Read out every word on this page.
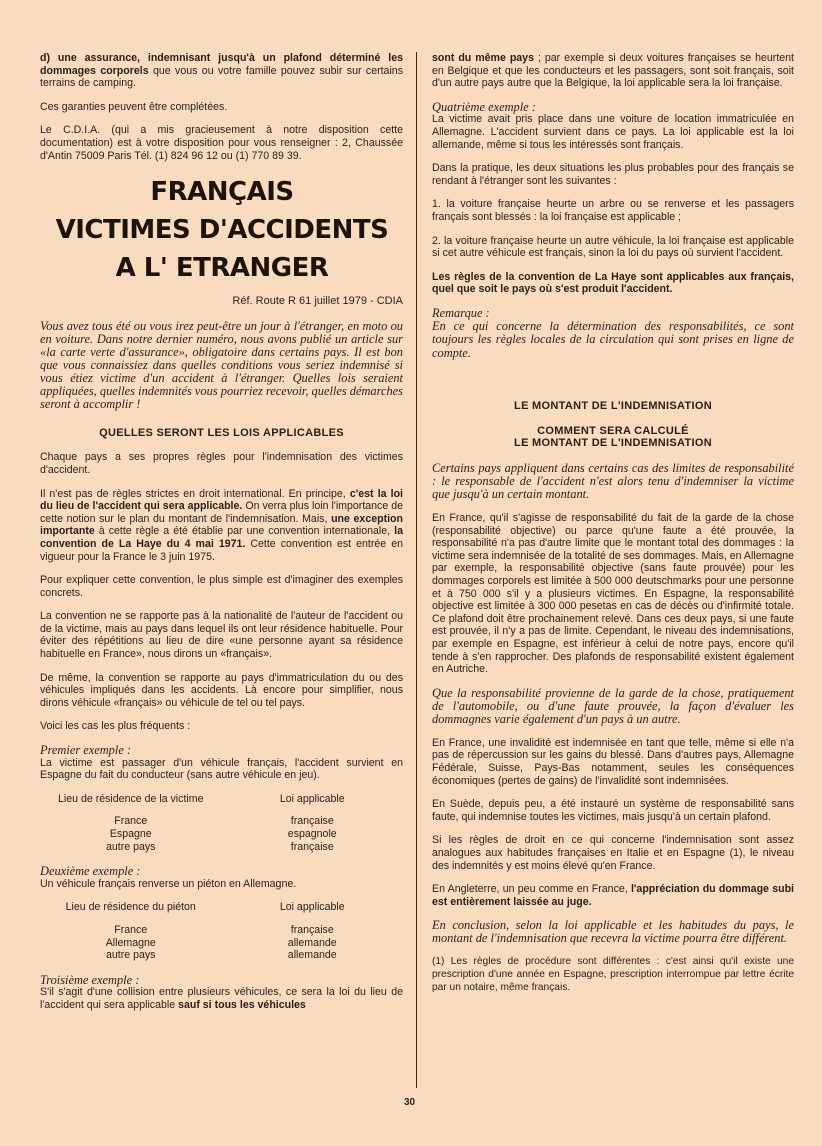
d) une assurance, indemnisant jusqu'à un plafond déterminé les dommages corporels que vous ou votre famille pouvez subir sur certains terrains de camping.

Ces garanties peuvent être complétées.

Le C.D.I.A. (qui a mis gracieusement à notre disposition cette documentation) est à votre disposition pour vous renseigner : 2, Chaussée d'Antin 75009 Paris Tél. (1) 824 96 12 ou (1) 770 89 39.

FRANÇAIS
VICTIMES D'ACCIDENTS
A L' ETRANGER
Réf. Route R 61 juillet 1979 - CDIA

Vous avez tous été ou vous irez peut-être un jour à l'étranger, en moto ou en voiture. Dans notre dernier numéro, nous avons publié un article sur «la carte verte d'assurance», obligatoire dans certains pays. Il est bon que vous connaissiez dans quelles conditions vous seriez indemnisé si vous étiez victime d'un accident à l'étranger. Quelles lois seraient appliquées, quelles indemnités vous pourriez recevoir, quelles démarches seront à accomplir !

QUELLES SERONT LES LOIS APPLICABLES

Chaque pays a ses propres règles pour l'indemnisation des victimes d'accident.

Il n'est pas de règles strictes en droit international. En principe, c'est la loi du lieu de l'accident qui sera applicable. On verra plus loin l'importance de cette notion sur le plan du montant de l'indemnisation. Mais, une exception importante à cette règle a été établie par une convention internationale, la convention de La Haye du 4 mai 1971. Cette convention est entrée en vigueur pour la France le 3 juin 1975.

Pour expliquer cette convention, le plus simple est d'imaginer des exemples concrets.

La convention ne se rapporte pas à la nationalité de l'auteur de l'accident ou de la victime, mais au pays dans lequel ils ont leur résidence habituelle. Pour éviter des répétitions au lieu de dire «une personne ayant sa résidence habituelle en France», nous dirons un «français».

De même, la convention se rapporte au pays d'immatriculation du ou des véhicules impliqués dans les accidents. Là encore pour simplifier, nous dirons véhicule «français» ou véhicule de tel ou tel pays.

Voici les cas les plus fréquents :

Premier exemple :
La victime est passager d'un véhicule français, l'accident survient en Espagne du fait du conducteur (sans autre véhicule en jeu).

Lieu de résidence de la victime	Loi applicable
France	française
Espagne	espagnole
autre pays	française

Deuxième exemple :
Un véhicule français renverse un piéton en Allemagne.

Lieu de résidence du piéton	Loi applicable
France	française
Allemagne	allemande
autre pays	allemande

Troisième exemple :
S'il s'agit d'une collision entre plusieurs véhicules, ce sera la loi du lieu de l'accident qui sera applicable sauf si tous les véhicules

sont du même pays ; par exemple si deux voitures françaises se heurtent en Belgique et que les conducteurs et les passagers, sont soit français, soit d'un autre pays autre que la Belgique, la loi applicable sera la loi française.

Quatrième exemple :
La victime avait pris place dans une voiture de location immatriculée en Allemagne. L'accident survient dans ce pays. La loi applicable est la loi allemande, même si tous les intéressés sont français.

Dans la pratique, les deux situations les plus probables pour des français se rendant à l'étranger sont les suivantes :

1. la voiture française heurte un arbre ou se renverse et les passagers français sont blessés : la loi française est applicable ;

2. la voiture française heurte un autre véhicule, la loi française est applicable si cet autre véhicule est français, sinon la loi du pays où survient l'accident.

Les règles de la convention de La Haye sont applicables aux français, quel que soit le pays où s'est produit l'accident.

Remarque :
En ce qui concerne la détermination des responsabilités, ce sont toujours les règles locales de la circulation qui sont prises en ligne de compte.

LE MONTANT DE L'INDEMNISATION
COMMENT SERA CALCULÉ
LE MONTANT DE L'INDEMNISATION

Certains pays appliquent dans certains cas des limites de responsabilité : le responsable de l'accident n'est alors tenu d'indemniser la victime que jusqu'à un certain montant.

En France, qu'il s'agisse de responsabilité du fait de la garde de la chose (responsabilité objective) ou parce qu'une faute a été prouvée, la responsabilité n'a pas d'autre limite que le montant total des dommages : la victime sera indemnisée de la totalité de ses dommages. Mais, en Allemagne par exemple, la responsabilité objective (sans faute prouvée) pour les dommages corporels est limitée à 500 000 deutschmarks pour une personne et à 750 000 s'il y a plusieurs victimes. En Espagne, la responsabilité objective est limitée à 300 000 pesetas en cas de décès ou d'infirmité totale. Ce plafond doit être prochainement relevé. Dans ces deux pays, si une faute est prouvée, il n'y a pas de limite. Cependant, le niveau des indemnisations, par exemple en Espagne, est inférieur à celui de notre pays, encore qu'il tende à s'en rapprocher. Des plafonds de responsabilité existent également en Autriche.

Que la responsabilité provienne de la garde de la chose, pratiquement de l'automobile, ou d'une faute prouvée, la façon d'évaluer les dommagnes varie également d'un pays à un autre.

En France, une invalidité est indemnisée en tant que telle, même si elle n'a pas de répercussion sur les gains du blessé. Dans d'autres pays, Allemagne Fédérale, Suisse, Pays-Bas notamment, seules les conséquences économiques (pertes de gains) de l'invalidité sont indemnisées.

En Suède, depuis peu, a été instauré un système de responsabilité sans faute, qui indemnise toutes les victimes, mais jusqu'à un certain plafond.

Si les règles de droit en ce qui concerne l'indemnisation sont assez analogues aux habitudes françaises en Italie et en Espagne (1), le niveau des indemnités y est moins élevé qu'en France.

En Angleterre, un peu comme en France, l'appréciation du dommage subi est entièrement laissée au juge.

En conclusion, selon la loi applicable et les habitudes du pays, le montant de l'indemnisation que recevra la victime pourra être différent.

(1) Les règles de procédure sont différentes : c'est ainsi qu'il existe une prescription d'une année en Espagne, prescription interrompue par lettre écrite par un notaire, même français.

30
